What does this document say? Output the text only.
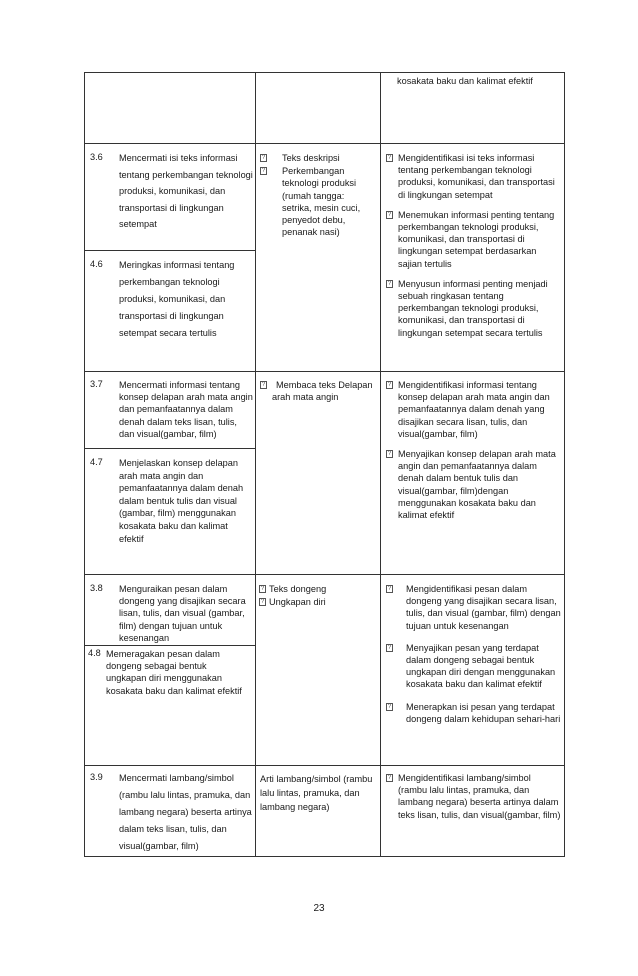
kosakata baku dan kalimat efektif
3.6 Mencermati isi teks informasi tentang perkembangan teknologi produksi, komunikasi, dan transportasi di lingkungan setempat
4.6 Meringkas informasi tentang perkembangan teknologi produksi, komunikasi, dan transportasi di lingkungan setempat secara tertulis
? Teks deskripsi
? Perkembangan teknologi produksi (rumah tangga: setrika, mesin cuci, penyedot debu, penanak nasi)
? Mengidentifikasi isi teks informasi tentang perkembangan teknologi produksi, komunikasi, dan transportasi di lingkungan setempat
? Menemukan informasi penting tentang perkembangan teknologi produksi, komunikasi, dan transportasi di lingkungan setempat berdasarkan sajian tertulis
? Menyusun informasi penting menjadi sebuah ringkasan tentang perkembangan teknologi produksi, komunikasi, dan transportasi di lingkungan setempat secara tertulis
3.7 Mencermati informasi tentang konsep delapan arah mata angin dan pemanfaatannya dalam denah dalam teks lisan, tulis, dan visual(gambar, film)
4.7 Menjelaskan konsep delapan arah mata angin dan pemanfaatannya dalam denah dalam bentuk tulis dan visual (gambar, film) menggunakan kosakata baku dan kalimat efektif
? Membaca teks Delapan arah mata angin
? Mengidentifikasi informasi tentang konsep delapan arah mata angin dan pemanfaatannya dalam denah yang disajikan secara lisan, tulis, dan visual(gambar, film)
? Menyajikan konsep delapan arah mata angin dan pemanfaatannya dalam denah dalam bentuk tulis dan visual(gambar, film)dengan menggunakan kosakata baku dan kalimat efektif
3.8 Menguraikan pesan dalam dongeng yang disajikan secara lisan, tulis, dan visual (gambar, film) dengan tujuan untuk kesenangan
4.8 Memeragakan pesan dalam dongeng sebagai bentuk ungkapan diri menggunakan kosakata baku dan kalimat efektif
? Teks dongeng
? Ungkapan diri
? Mengidentifikasi pesan dalam dongeng yang disajikan secara lisan, tulis, dan visual (gambar, film) dengan tujuan untuk kesenangan
? Menyajikan pesan yang terdapat dalam dongeng sebagai bentuk ungkapan diri dengan menggunakan kosakata baku dan kalimat efektif
? Menerapkan isi pesan yang terdapat dongeng dalam kehidupan sehari-hari
3.9 Mencermati lambang/simbol (rambu lalu lintas, pramuka, dan lambang negara) beserta artinya dalam teks lisan, tulis, dan visual(gambar, film)
Arti lambang/simbol (rambu lalu lintas, pramuka, dan lambang negara)
? Mengidentifikasi lambang/simbol (rambu lalu lintas, pramuka, dan lambang negara) beserta artinya dalam teks lisan, tulis, dan visual(gambar, film)
23
